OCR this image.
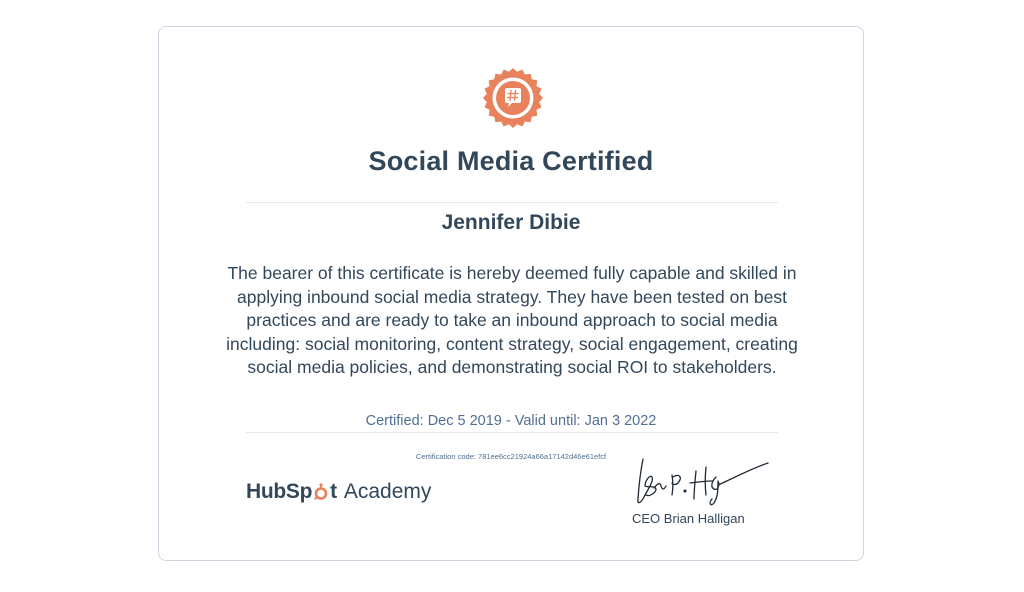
Social Media Certified
Jennifer Dibie
The bearer of this certificate is hereby deemed fully capable and skilled in applying inbound social media strategy. They have been tested on best practices and are ready to take an inbound approach to social media including: social monitoring, content strategy, social engagement, creating social media policies, and demonstrating social ROI to stakeholders.
Certified: Dec 5 2019 - Valid until: Jan 3 2022
Certification code: 781ee6cc21924a66a17142d46e61efcf
HubSp t Academy
CEO Brian Halligan
